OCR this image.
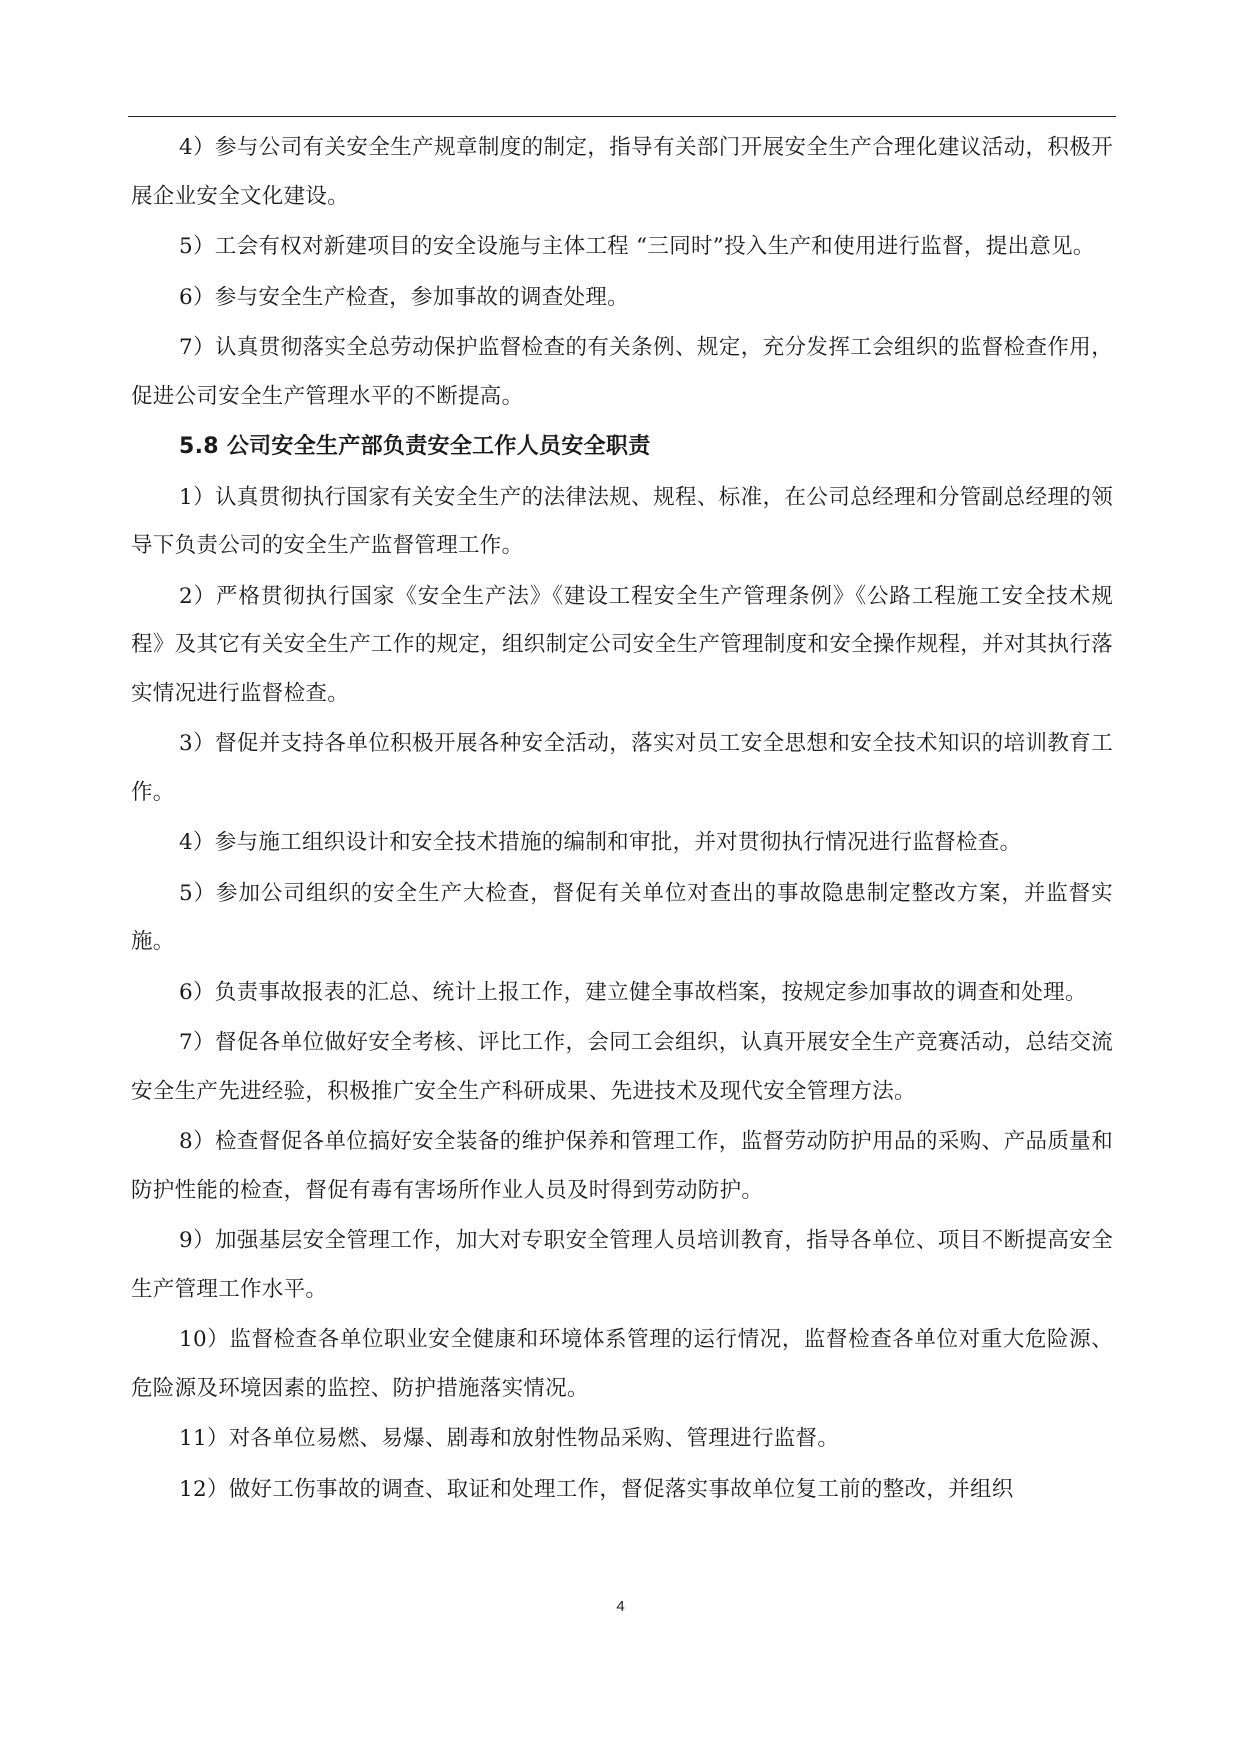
4）参与公司有关安全生产规章制度的制定，指导有关部门开展安全生产合理化建议活动，积极开展企业安全文化建设。

5）工会有权对新建项目的安全设施与主体工程 “三同时”投入生产和使用进行监督，提出意见。

6）参与安全生产检查，参加事故的调查处理。

7）认真贯彻落实全总劳动保护监督检查的有关条例、规定，充分发挥工会组织的监督检查作用，促进公司安全生产管理水平的不断提高。

5.8 公司安全生产部负责安全工作人员安全职责

1）认真贯彻执行国家有关安全生产的法律法规、规程、标准，在公司总经理和分管副总经理的领导下负责公司的安全生产监督管理工作。

2）严格贯彻执行国家《安全生产法》《建设工程安全生产管理条例》《公路工程施工安全技术规程》及其它有关安全生产工作的规定，组织制定公司安全生产管理制度和安全操作规程，并对其执行落实情况进行监督检查。

3）督促并支持各单位积极开展各种安全活动，落实对员工安全思想和安全技术知识的培训教育工作。

4）参与施工组织设计和安全技术措施的编制和审批，并对贯彻执行情况进行监督检查。

5）参加公司组织的安全生产大检查，督促有关单位对查出的事故隐患制定整改方案，并监督实施。

6）负责事故报表的汇总、统计上报工作，建立健全事故档案，按规定参加事故的调查和处理。

7）督促各单位做好安全考核、评比工作，会同工会组织，认真开展安全生产竞赛活动，总结交流安全生产先进经验，积极推广安全生产科研成果、先进技术及现代安全管理方法。

8）检查督促各单位搞好安全装备的维护保养和管理工作，监督劳动防护用品的采购、产品质量和防护性能的检查，督促有毒有害场所作业人员及时得到劳动防护。

9）加强基层安全管理工作，加大对专职安全管理人员培训教育，指导各单位、项目不断提高安全生产管理工作水平。

10）监督检查各单位职业安全健康和环境体系管理的运行情况，监督检查各单位对重大危险源、危险源及环境因素的监控、防护措施落实情况。

11）对各单位易燃、易爆、剧毒和放射性物品采购、管理进行监督。

12）做好工伤事故的调查、取证和处理工作，督促落实事故单位复工前的整改，并组织

4
